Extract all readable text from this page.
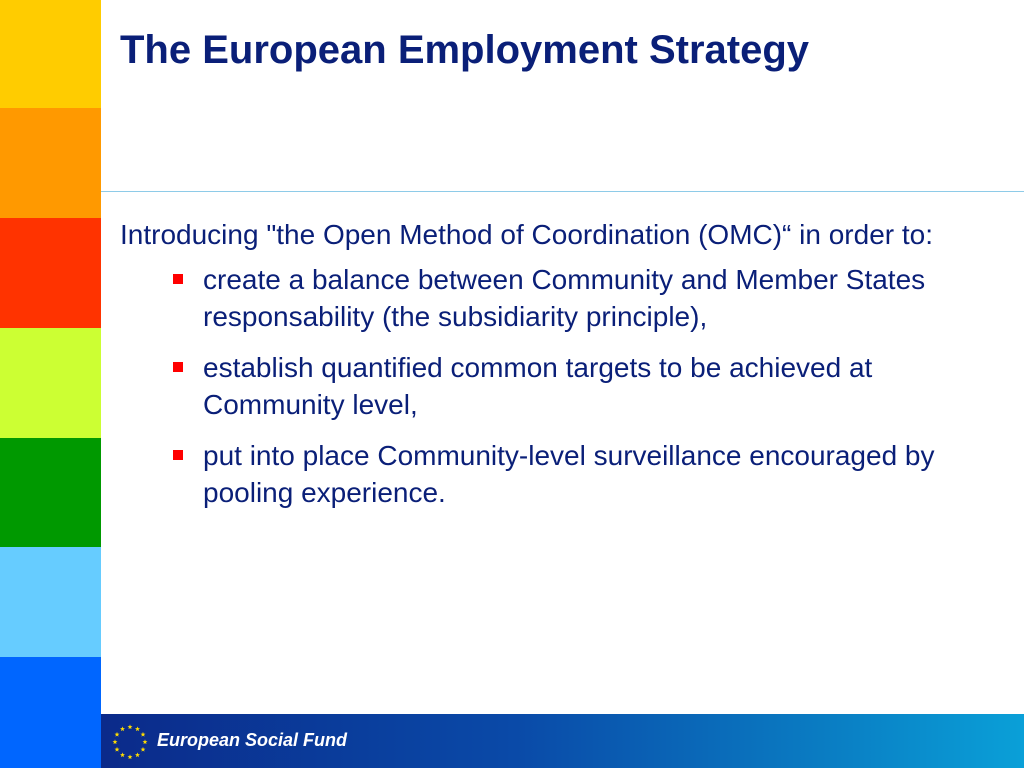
The European Employment Strategy

Introducing "the Open Method of Coordination (OMC)“ in order to:

create a balance between Community and Member States responsability (the subsidiarity principle),
establish quantified common targets to be achieved at Community level,
put into place Community-level surveillance encouraged by pooling experience.
European Social Fund
